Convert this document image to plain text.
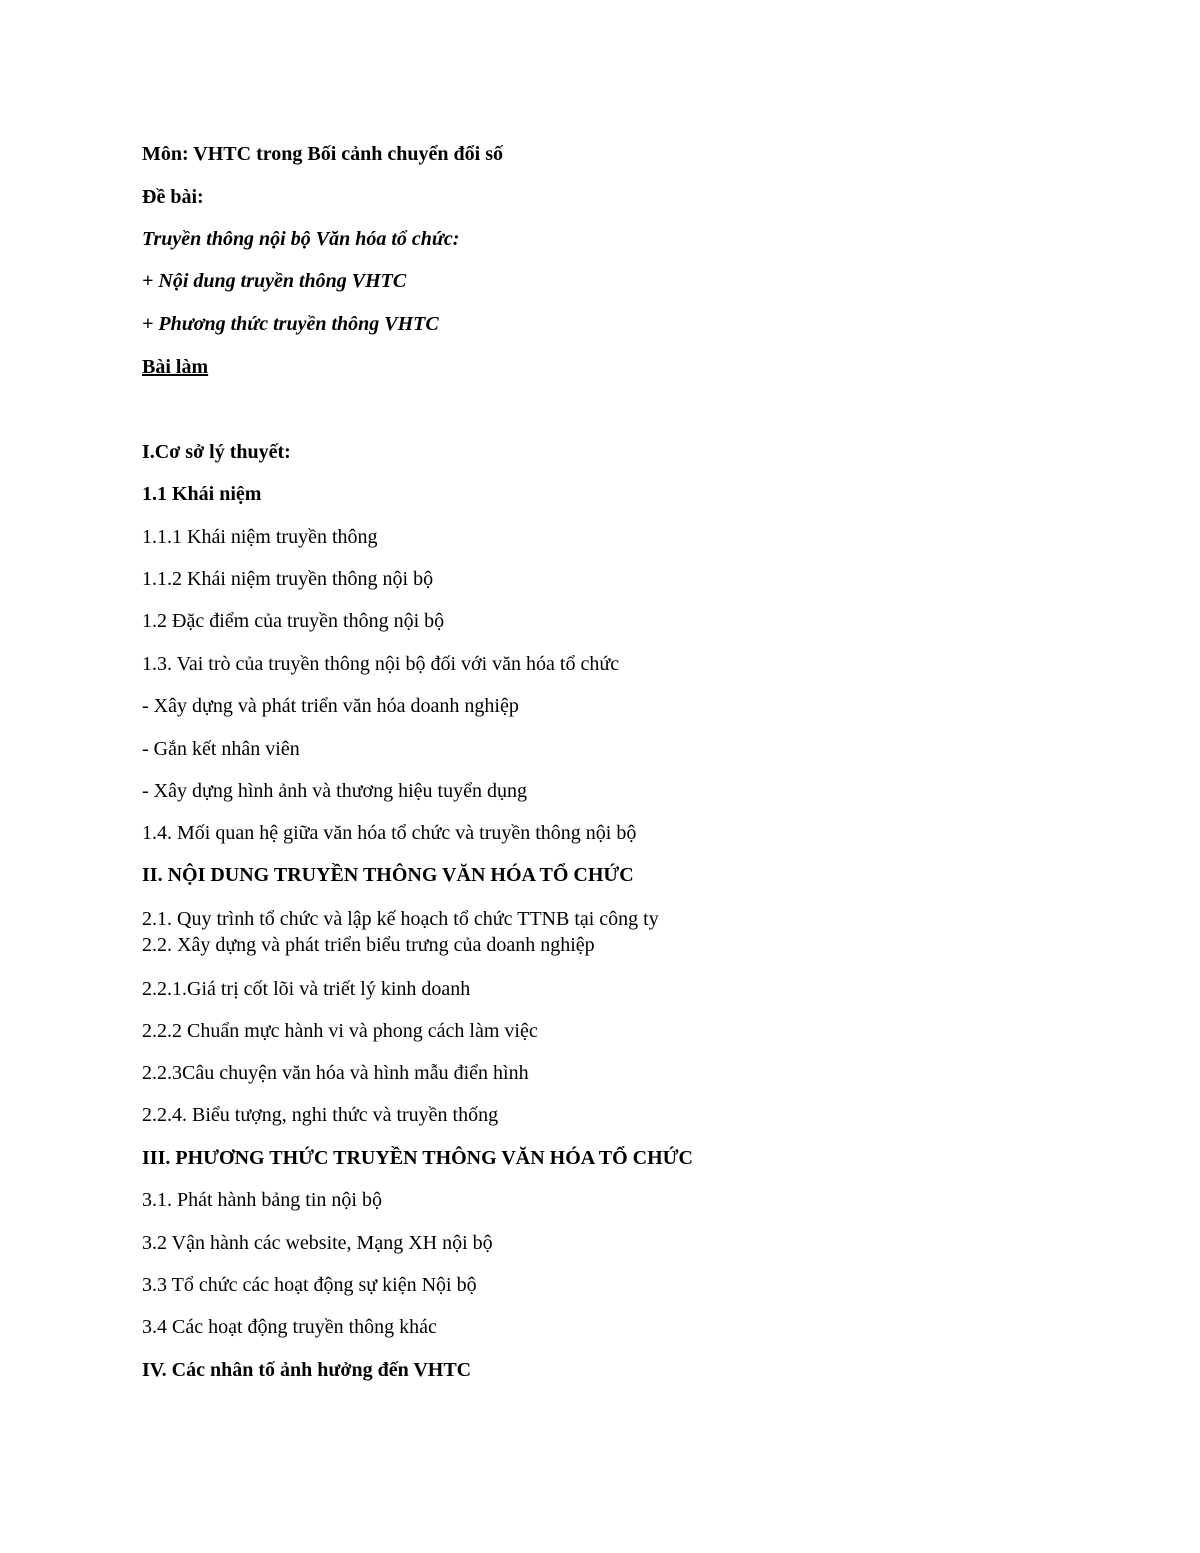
Môn: VHTC trong Bối cảnh chuyển đổi số

Đề bài:

Truyền thông nội bộ Văn hóa tổ chức:

+ Nội dung truyền thông VHTC

+ Phương thức truyền thông VHTC

Bài làm

I.Cơ sở lý thuyết:

1.1 Khái niệm

1.1.1 Khái niệm truyền thông

1.1.2 Khái niệm truyền thông nội bộ

1.2 Đặc điểm của truyền thông nội bộ

1.3. Vai trò của truyền thông nội bộ đối với văn hóa tổ chức

- Xây dựng và phát triển văn hóa doanh nghiệp

- Gắn kết nhân viên

- Xây dựng hình ảnh và thương hiệu tuyển dụng

1.4. Mối quan hệ giữa văn hóa tổ chức và truyền thông nội bộ

II. NỘI DUNG TRUYỀN THÔNG VĂN HÓA TỔ CHỨC

2.1. Quy trình tổ chức và lập kế hoạch tổ chức TTNB tại công ty

2.2. Xây dựng và phát triển biểu trưng của doanh nghiệp

2.2.1.Giá trị cốt lõi và triết lý kinh doanh

2.2.2 Chuẩn mực hành vi và phong cách làm việc

2.2.3Câu chuyện văn hóa và hình mẫu điển hình

2.2.4. Biểu tượng, nghi thức và truyền thống

III. PHƯƠNG THỨC TRUYỀN THÔNG VĂN HÓA TỔ CHỨC

3.1. Phát hành bảng tin nội bộ

3.2 Vận hành các website, Mạng XH nội bộ

3.3 Tổ chức các hoạt động sự kiện Nội bộ

3.4 Các hoạt động truyền thông khác

IV. Các nhân tố ảnh hưởng đến VHTC
